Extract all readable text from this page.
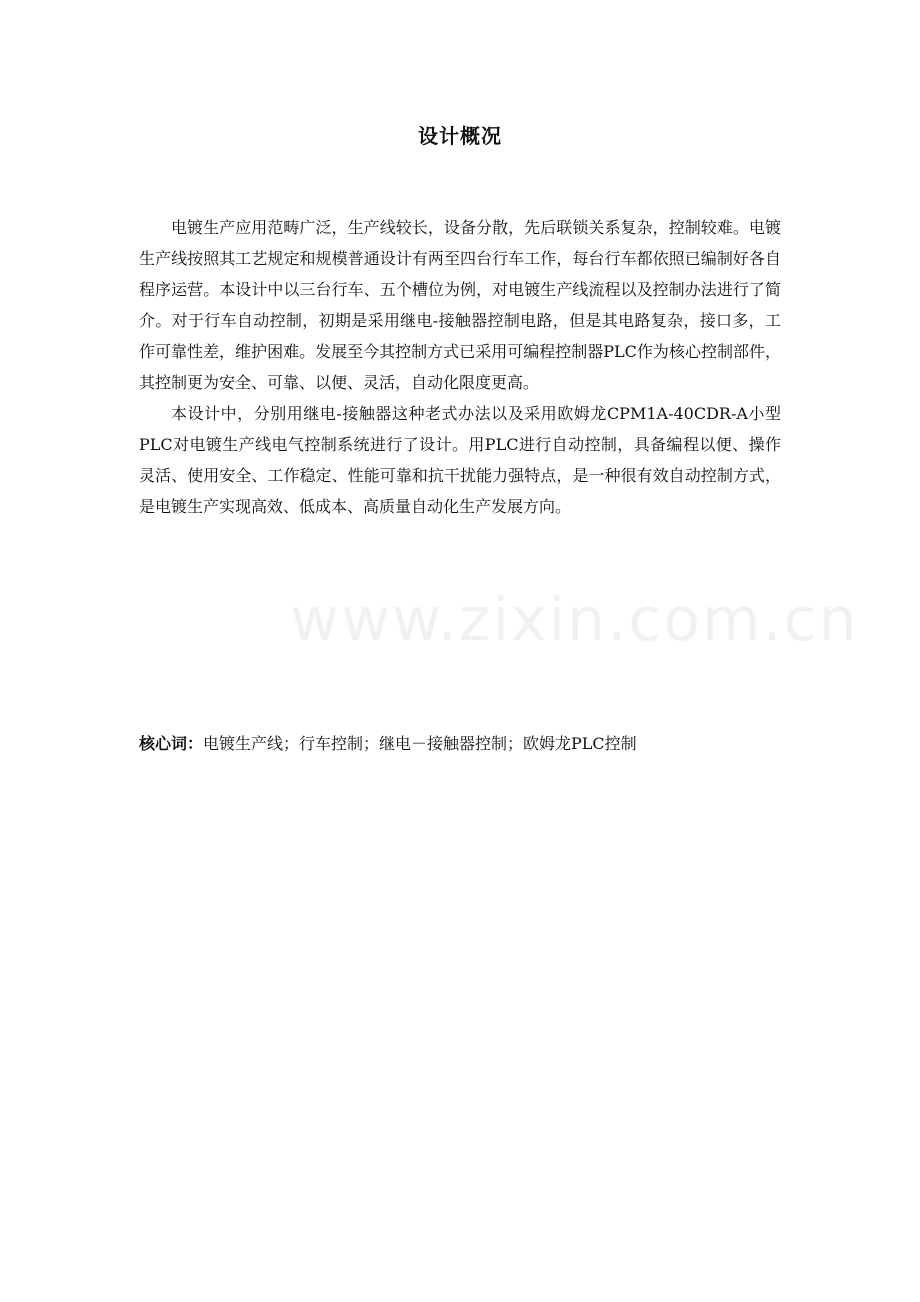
设计概况

电镀生产应用范畴广泛，生产线较长，设备分散，先后联锁关系复杂，控制较难。电镀生产线按照其工艺规定和规模普通设计有两至四台行车工作，每台行车都依照已编制好各自程序运营。本设计中以三台行车、五个槽位为例，对电镀生产线流程以及控制办法进行了简介。对于行车自动控制，初期是采用继电-接触器控制电路，但是其电路复杂，接口多，工作可靠性差，维护困难。发展至今其控制方式已采用可编程控制器PLC作为核心控制部件，其控制更为安全、可靠、以便、灵活，自动化限度更高。

本设计中，分别用继电-接触器这种老式办法以及采用欧姆龙CPM1A-40CDR-A小型PLC对电镀生产线电气控制系统进行了设计。用PLC进行自动控制，具备编程以便、操作灵活、使用安全、工作稳定、性能可靠和抗干扰能力强特点，是一种很有效自动控制方式，是电镀生产实现高效、低成本、高质量自动化生产发展方向。

核心词：电镀生产线；行车控制；继电－接触器控制；欧姆龙PLC控制
www.zixin.com.cn
